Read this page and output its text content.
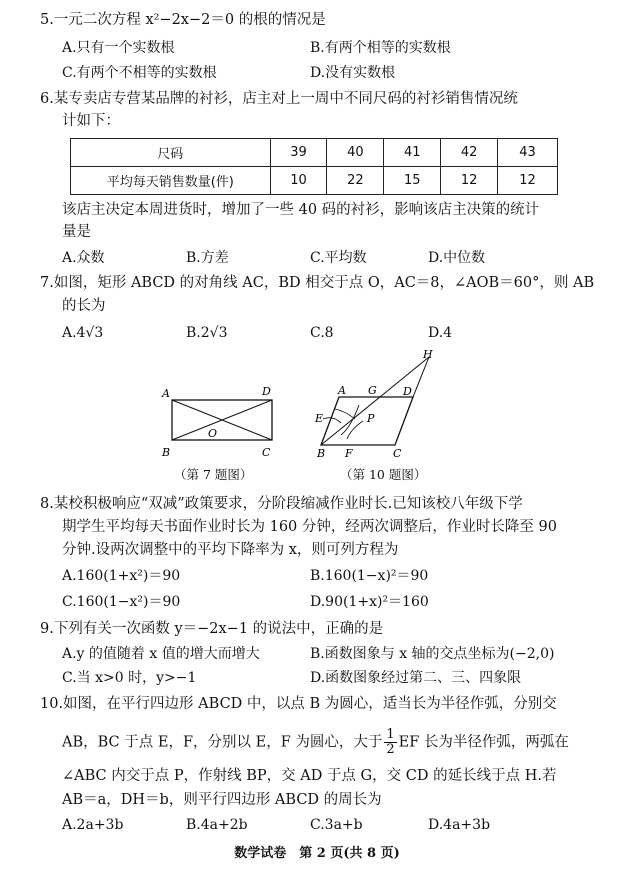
5.一元二次方程 x²−2x−2＝0 的根的情况是
A.只有一个实数根	B.有两个相等的实数根
C.有两个不相等的实数根	D.没有实数根
6.某专卖店专营某品牌的衬衫，店主对上一周中不同尺码的衬衫销售情况统
计如下：
尺码	39	40	41	42	43
平均每天销售数量(件)	10	22	15	12	12
该店主决定本周进货时，增加了一些 40 码的衬衫，影响该店主决策的统计
量是
A.众数	B.方差	C.平均数	D.中位数
7.如图，矩形 ABCD 的对角线 AC，BD 相交于点 O，AC＝8，∠AOB＝60°，则 AB
的长为
A.4√3	B.2√3	C.8	D.4
A	D
B	C
O
（第 7 题图）
H
A G D
E	P
F
B	C
（第 10 题图）
8.某校积极响应“双减”政策要求，分阶段缩减作业时长.已知该校八年级下学
期学生平均每天书面作业时长为 160 分钟，经两次调整后，作业时长降至 90
分钟.设两次调整中的平均下降率为 x，则可列方程为
A.160(1+x²)＝90	B.160(1−x)²＝90
C.160(1−x²)＝90	D.90(1+x)²＝160
9.下列有关一次函数 y＝−2x−1 的说法中，正确的是
A.y 的值随着 x 值的增大而增大	B.函数图象与 x 轴的交点坐标为(−2,0)
C.当 x>0 时，y>−1	D.函数图象经过第二、三、四象限
10.如图，在平行四边形 ABCD 中，以点 B 为圆心，适当长为半径作弧，分别交
AB，BC 于点 E，F，分别以 E，F 为圆心，大于 $\frac{1}{2}$ EF 长为半径作弧，两弧在
∠ABC 内交于点 P，作射线 BP，交 AD 于点 G，交 CD 的延长线于点 H.若
AB＝a，DH＝b，则平行四边形 ABCD 的周长为
A.2a+3b	B.4a+2b	C.3a+b	D.4a+3b
数学试卷　第 2 页(共 8 页)
